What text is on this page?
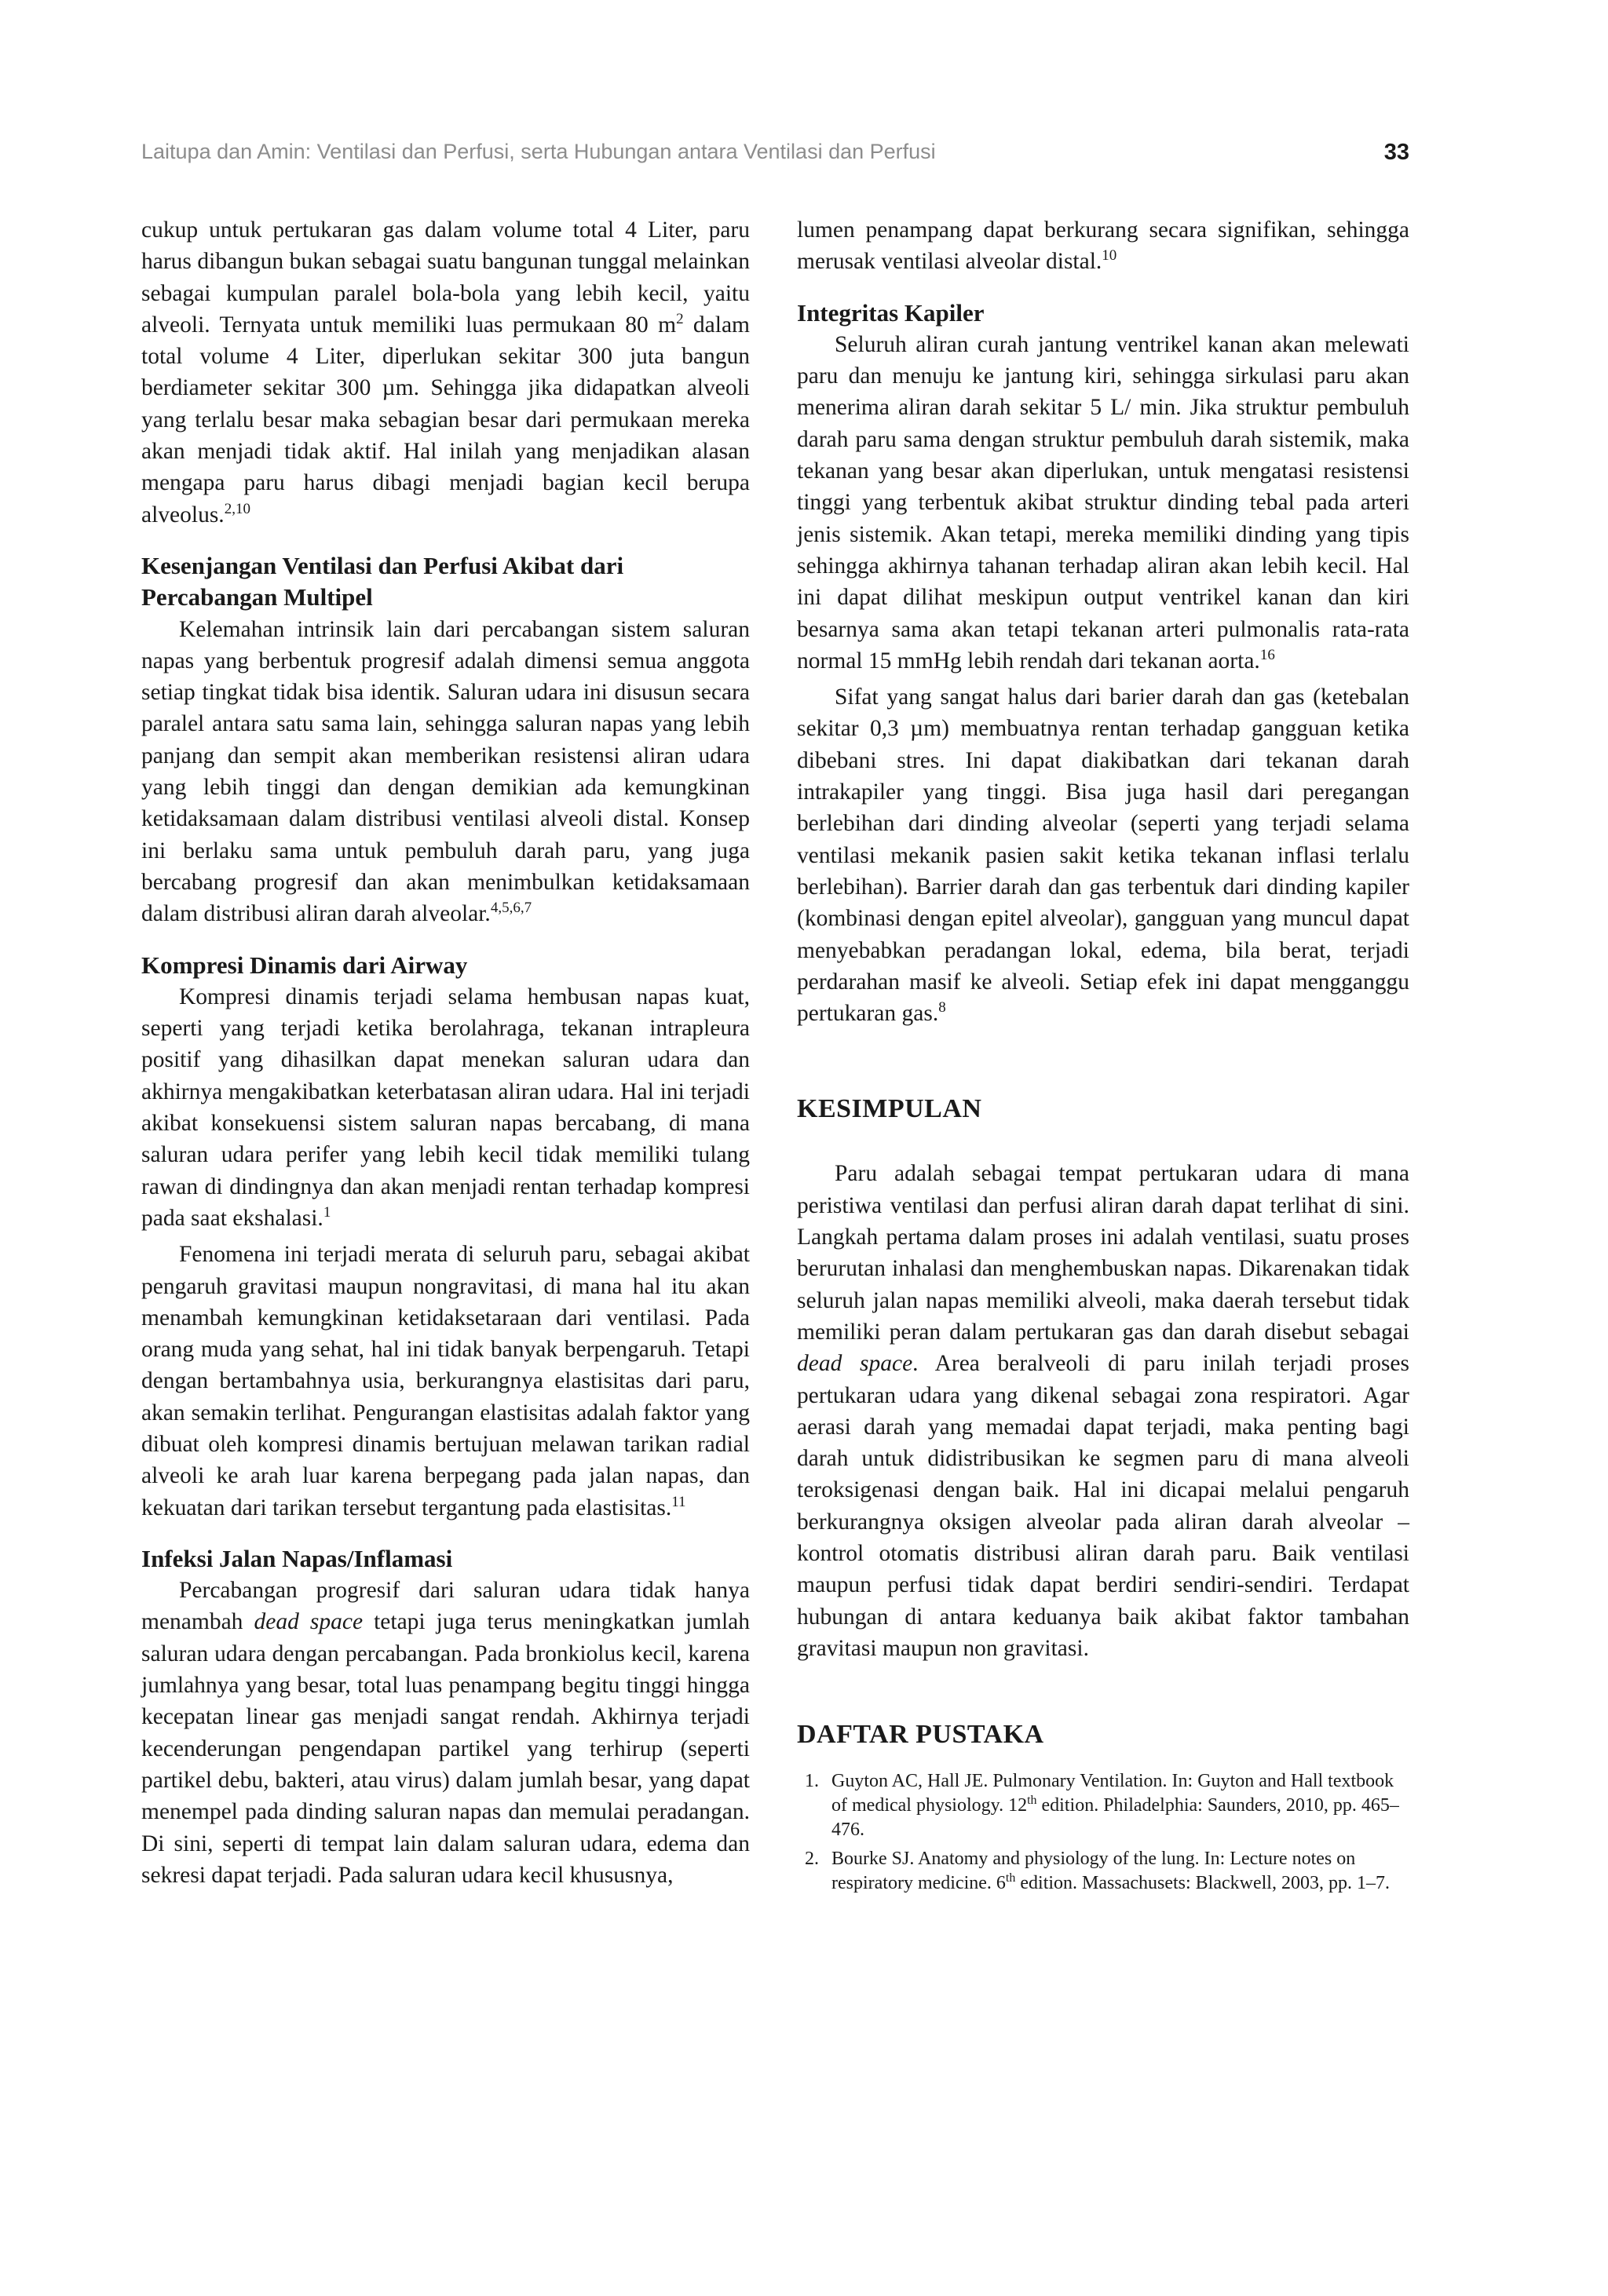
Laitupa dan Amin: Ventilasi dan Perfusi, serta Hubungan antara Ventilasi dan Perfusi	33

cukup untuk pertukaran gas dalam volume total 4 Liter, paru harus dibangun bukan sebagai suatu bangunan tunggal melainkan sebagai kumpulan paralel bola-bola yang lebih kecil, yaitu alveoli. Ternyata untuk memiliki luas permukaan 80 $m^2$ dalam total volume 4 Liter, diperlukan sekitar 300 juta bangun berdiameter sekitar 300 µm. Sehingga jika didapatkan alveoli yang terlalu besar maka sebagian besar dari permukaan mereka akan menjadi tidak aktif. Hal inilah yang menjadikan alasan mengapa paru harus dibagi menjadi bagian kecil berupa alveolus.$^{2,10}$

Kesenjangan Ventilasi dan Perfusi Akibat dari Percabangan Multipel

Kelemahan intrinsik lain dari percabangan sistem saluran napas yang berbentuk progresif adalah dimensi semua anggota setiap tingkat tidak bisa identik. Saluran udara ini disusun secara paralel antara satu sama lain, sehingga saluran napas yang lebih panjang dan sempit akan memberikan resistensi aliran udara yang lebih tinggi dan dengan demikian ada kemungkinan ketidaksamaan dalam distribusi ventilasi alveoli distal. Konsep ini berlaku sama untuk pembuluh darah paru, yang juga bercabang progresif dan akan menimbulkan ketidaksamaan dalam distribusi aliran darah alveolar.$^{4,5,6,7}$

Kompresi Dinamis dari Airway

Kompresi dinamis terjadi selama hembusan napas kuat, seperti yang terjadi ketika berolahraga, tekanan intrapleura positif yang dihasilkan dapat menekan saluran udara dan akhirnya mengakibatkan keterbatasan aliran udara. Hal ini terjadi akibat konsekuensi sistem saluran napas bercabang, di mana saluran udara perifer yang lebih kecil tidak memiliki tulang rawan di dindingnya dan akan menjadi rentan terhadap kompresi pada saat ekshalasi.$^1$

Fenomena ini terjadi merata di seluruh paru, sebagai akibat pengaruh gravitasi maupun nongravitasi, di mana hal itu akan menambah kemungkinan ketidaksetaraan dari ventilasi. Pada orang muda yang sehat, hal ini tidak banyak berpengaruh. Tetapi dengan bertambahnya usia, berkurangnya elastisitas dari paru, akan semakin terlihat. Pengurangan elastisitas adalah faktor yang dibuat oleh kompresi dinamis bertujuan melawan tarikan radial alveoli ke arah luar karena berpegang pada jalan napas, dan kekuatan dari tarikan tersebut tergantung pada elastisitas.$^{11}$

Infeksi Jalan Napas/Inflamasi

Percabangan progresif dari saluran udara tidak hanya menambah dead space tetapi juga terus meningkatkan jumlah saluran udara dengan percabangan. Pada bronkiolus kecil, karena jumlahnya yang besar, total luas penampang begitu tinggi hingga kecepatan linear gas menjadi sangat rendah. Akhirnya terjadi kecenderungan pengendapan partikel yang terhirup (seperti partikel debu, bakteri, atau virus) dalam jumlah besar, yang dapat menempel pada dinding saluran napas dan memulai peradangan. Di sini, seperti di tempat lain dalam saluran udara, edema dan sekresi dapat terjadi. Pada saluran udara kecil khususnya,

lumen penampang dapat berkurang secara signifikan, sehingga merusak ventilasi alveolar distal.$^{10}$

Integritas Kapiler

Seluruh aliran curah jantung ventrikel kanan akan melewati paru dan menuju ke jantung kiri, sehingga sirkulasi paru akan menerima aliran darah sekitar 5 L/ min. Jika struktur pembuluh darah paru sama dengan struktur pembuluh darah sistemik, maka tekanan yang besar akan diperlukan, untuk mengatasi resistensi tinggi yang terbentuk akibat struktur dinding tebal pada arteri jenis sistemik. Akan tetapi, mereka memiliki dinding yang tipis sehingga akhirnya tahanan terhadap aliran akan lebih kecil. Hal ini dapat dilihat meskipun output ventrikel kanan dan kiri besarnya sama akan tetapi tekanan arteri pulmonalis rata-rata normal 15 mmHg lebih rendah dari tekanan aorta.$^{16}$

Sifat yang sangat halus dari barier darah dan gas (ketebalan sekitar 0,3 µm) membuatnya rentan terhadap gangguan ketika dibebani stres. Ini dapat diakibatkan dari tekanan darah intrakapiler yang tinggi. Bisa juga hasil dari peregangan berlebihan dari dinding alveolar (seperti yang terjadi selama ventilasi mekanik pasien sakit ketika tekanan inflasi terlalu berlebihan). Barrier darah dan gas terbentuk dari dinding kapiler (kombinasi dengan epitel alveolar), gangguan yang muncul dapat menyebabkan peradangan lokal, edema, bila berat, terjadi perdarahan masif ke alveoli. Setiap efek ini dapat mengganggu pertukaran gas.$^8$

KESIMPULAN

Paru adalah sebagai tempat pertukaran udara di mana peristiwa ventilasi dan perfusi aliran darah dapat terlihat di sini. Langkah pertama dalam proses ini adalah ventilasi, suatu proses berurutan inhalasi dan menghembuskan napas. Dikarenakan tidak seluruh jalan napas memiliki alveoli, maka daerah tersebut tidak memiliki peran dalam pertukaran gas dan darah disebut sebagai dead space. Area beralveoli di paru inilah terjadi proses pertukaran udara yang dikenal sebagai zona respiratori. Agar aerasi darah yang memadai dapat terjadi, maka penting bagi darah untuk didistribusikan ke segmen paru di mana alveoli teroksigenasi dengan baik. Hal ini dicapai melalui pengaruh berkurangnya oksigen alveolar pada aliran darah alveolar – kontrol otomatis distribusi aliran darah paru. Baik ventilasi maupun perfusi tidak dapat berdiri sendiri-sendiri. Terdapat hubungan di antara keduanya baik akibat faktor tambahan gravitasi maupun non gravitasi.

DAFTAR PUSTAKA
1. Guyton AC, Hall JE. Pulmonary Ventilation. In: Guyton and Hall textbook of medical physiology. 12th edition. Philadelphia: Saunders, 2010, pp. 465–476.
2. Bourke SJ. Anatomy and physiology of the lung. In: Lecture notes on respiratory medicine. 6th edition. Massachusets: Blackwell, 2003, pp. 1–7.
